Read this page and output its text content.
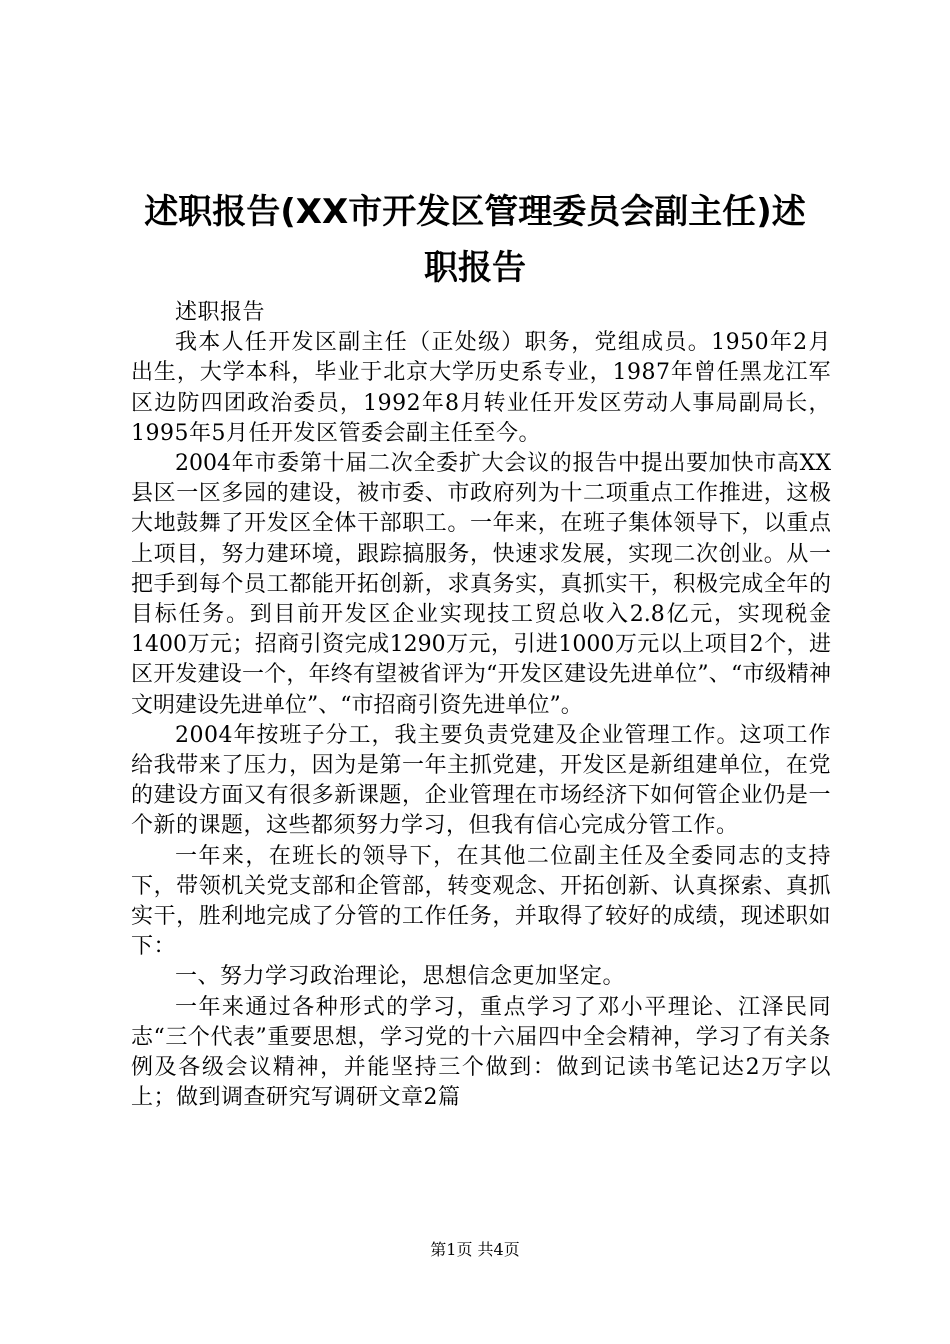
述职报告(XX市开发区管理委员会副主任)述
职报告

述职报告

我本人任开发区副主任（正处级）职务，党组成员。1950年2月出生，大学本科，毕业于北京大学历史系专业，1987年曾任黑龙江军区边防四团政治委员，1992年8月转业任开发区劳动人事局副局长，1995年5月任开发区管委会副主任至今。

2004年市委第十届二次全委扩大会议的报告中提出要加快市高XX县区一区多园的建设，被市委、市政府列为十二项重点工作推进，这极大地鼓舞了开发区全体干部职工。一年来，在班子集体领导下，以重点上项目，努力建环境，跟踪搞服务，快速求发展，实现二次创业。从一把手到每个员工都能开拓创新，求真务实，真抓实干，积极完成全年的目标任务。到目前开发区企业实现技工贸总收入2.8亿元，实现税金1400万元；招商引资完成1290万元，引进1000万元以上项目2个，进区开发建设一个，年终有望被省评为“开发区建设先进单位”、“市级精神文明建设先进单位”、“市招商引资先进单位”。

2004年按班子分工，我主要负责党建及企业管理工作。这项工作给我带来了压力，因为是第一年主抓党建，开发区是新组建单位，在党的建设方面又有很多新课题，企业管理在市场经济下如何管企业仍是一个新的课题，这些都须努力学习，但我有信心完成分管工作。

一年来，在班长的领导下，在其他二位副主任及全委同志的支持下，带领机关党支部和企管部，转变观念、开拓创新、认真探索、真抓实干，胜利地完成了分管的工作任务，并取得了较好的成绩，现述职如下：

一、努力学习政治理论，思想信念更加坚定。

一年来通过各种形式的学习，重点学习了邓小平理论、江泽民同志“三个代表”重要思想，学习党的十六届四中全会精神，学习了有关条例及各级会议精神，并能坚持三个做到：做到记读书笔记达2万字以上；做到调查研究写调研文章2篇

第1页 共4页
